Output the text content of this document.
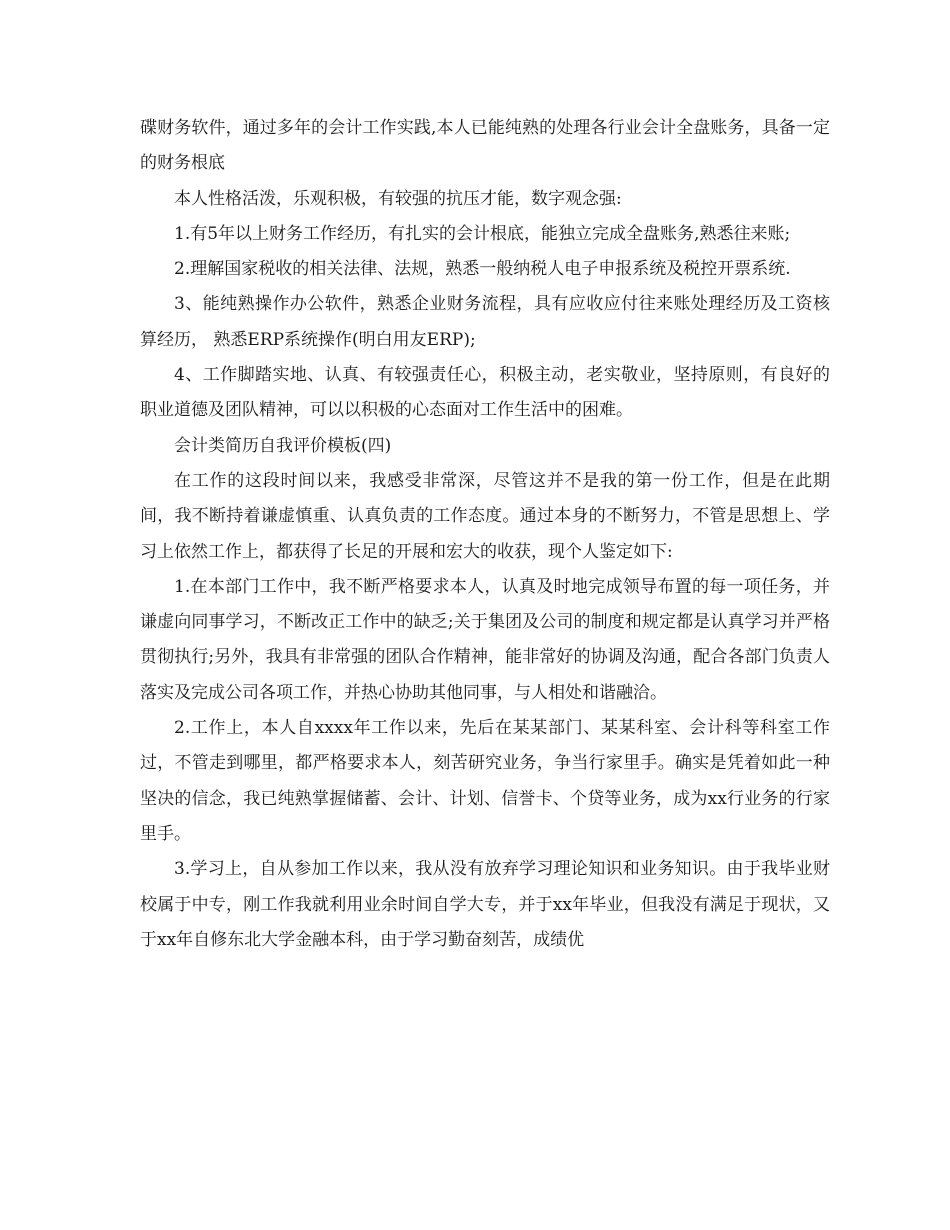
碟财务软件，通过多年的会计工作实践,本人已能纯熟的处理各行业会计全盘账务，具备一定的财务根底

本人性格活泼，乐观积极，有较强的抗压才能，数字观念强:

1.有5年以上财务工作经历，有扎实的会计根底，能独立完成全盘账务,熟悉往来账;

2.理解国家税收的相关法律、法规，熟悉一般纳税人电子申报系统及税控开票系统.

3、能纯熟操作办公软件，熟悉企业财务流程，具有应收应付往来账处理经历及工资核算经历， 熟悉ERP系统操作(明白用友ERP);

4、工作脚踏实地、认真、有较强责任心，积极主动，老实敬业，坚持原则，有良好的职业道德及团队精神，可以以积极的心态面对工作生活中的困难。

会计类简历自我评价模板(四)

在工作的这段时间以来，我感受非常深，尽管这并不是我的第一份工作，但是在此期间，我不断持着谦虚慎重、认真负责的工作态度。通过本身的不断努力，不管是思想上、学习上依然工作上，都获得了长足的开展和宏大的收获，现个人鉴定如下:

1.在本部门工作中，我不断严格要求本人，认真及时地完成领导布置的每一项任务，并谦虚向同事学习，不断改正工作中的缺乏;关于集团及公司的制度和规定都是认真学习并严格贯彻执行;另外，我具有非常强的团队合作精神，能非常好的协调及沟通，配合各部门负责人落实及完成公司各项工作，并热心协助其他同事，与人相处和谐融洽。

2.工作上，本人自xxxx年工作以来，先后在某某部门、某某科室、会计科等科室工作过，不管走到哪里，都严格要求本人，刻苦研究业务，争当行家里手。确实是凭着如此一种坚决的信念，我已纯熟掌握储蓄、会计、计划、信誉卡、个贷等业务，成为xx行业务的行家里手。

3.学习上，自从参加工作以来，我从没有放弃学习理论知识和业务知识。由于我毕业财校属于中专，刚工作我就利用业余时间自学大专，并于xx年毕业，但我没有满足于现状，又于xx年自修东北大学金融本科，由于学习勤奋刻苦，成绩优
